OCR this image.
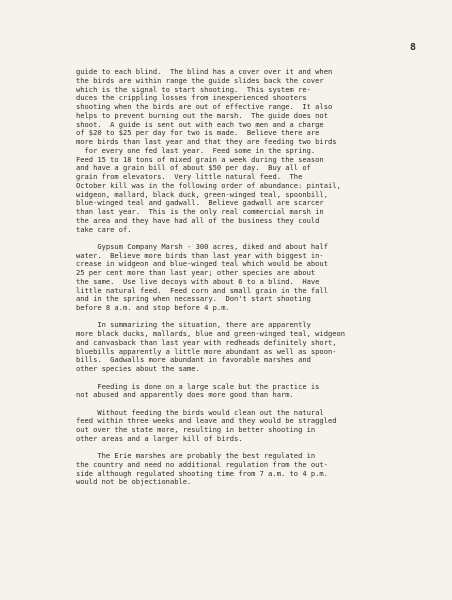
8
guide to each blind.  The blind has a cover over it and when
the birds are within range the guide slides back the cover
which is the signal to start shooting.  This system re-
duces the crippling losses from inexperienced shooters
shooting when the birds are out of effective range.  It also
helps to prevent burning out the marsh.  The guide does not
shoot.  A guide is sent out with each two men and a charge
of $20 to $25 per day for two is made.  Believe there are
more birds than last year and that they are feeding two birds
for every one fed last year.  Feed some in the spring.
Feed 15 to 18 tons of mixed grain a week during the season
and have a grain bill of about $50 per day.  Buy all of
grain from elevators.  Very little natural feed.  The
October kill was in the following order of abundance: pintail,
widgeon, mallard, black duck, green-winged teal, spoonbill,
blue-winged teal and gadwall.  Believe gadwall are scarcer
than last year.  This is the only real commercial marsh in
the area and they have had all of the business they could
take care of.
Gypsum Company Marsh - 300 acres, diked and about half
water.  Believe more birds than last year with biggest in-
crease in widgeon and blue-winged teal which would be about
25 per cent more than last year; other species are about
the same.  Use live decoys with about 6 to a blind.  Have
little natural feed.  Feed corn and small grain in the fall
and in the spring when necessary.  Don't start shooting
before 8 a.m. and stop before 4 p.m.
In summarizing the situation, there are apparently
more black ducks, mallards, blue and green-winged teal, widgeon
and canvasback than last year with redheads definitely short,
bluebills apparently a little more abundant as well as spoon-
bills.  Gadwalls more abundant in favorable marshes and
other species about the same.
Feeding is done on a large scale but the practice is
not abused and apparently does more good than harm.
Without feeding the birds would clean out the natural
feed within three weeks and leave and they would be straggled
out over the state more, resulting in better shooting in
other areas and a larger kill of birds.
The Erie marshes are probably the best regulated in
the country and need no additional regulation from the out-
side although regulated shooting time from 7 a.m. to 4 p.m.
would not be objectionable.
